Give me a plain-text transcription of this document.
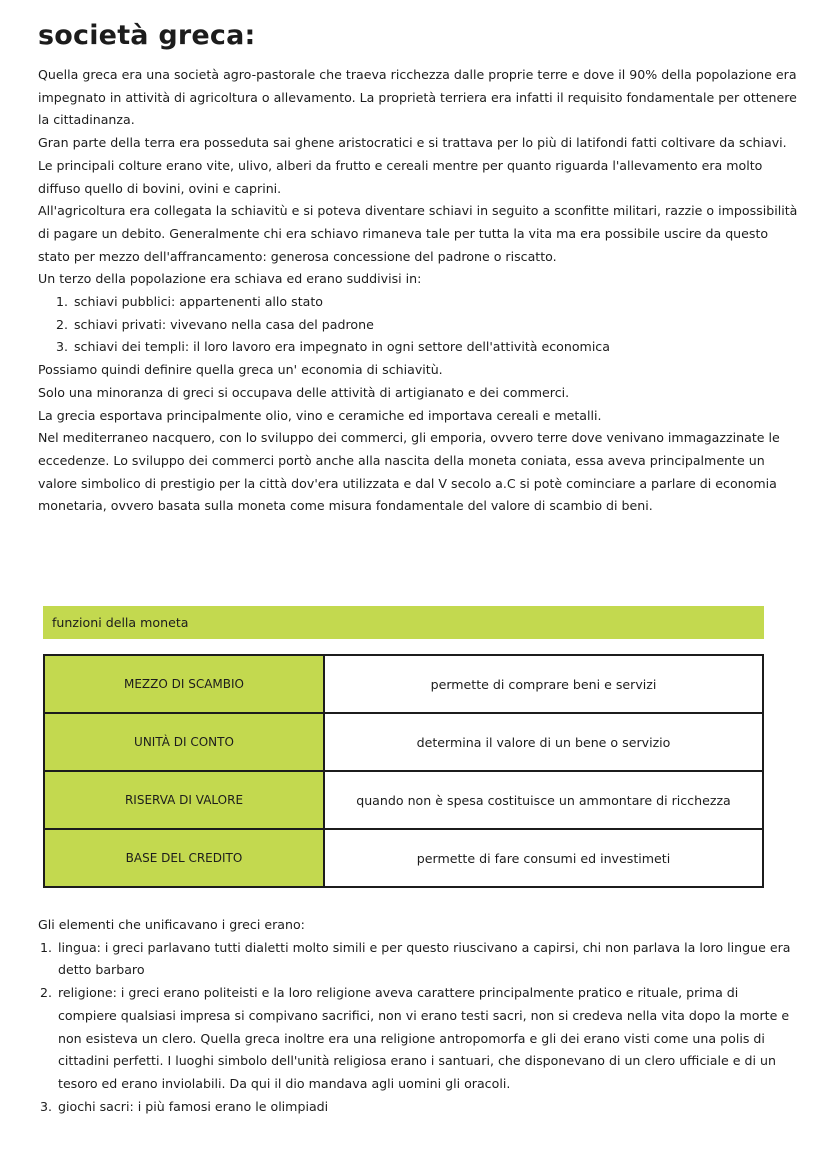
società greca:

Quella greca era una società agro-pastorale che traeva ricchezza dalle proprie terre e dove il 90% della popolazione era impegnato in attività di agricoltura o allevamento. La proprietà terriera era infatti il requisito fondamentale per ottenere la cittadinanza.

Gran parte della terra era posseduta sai ghene aristocratici e si trattava per lo più di latifondi fatti coltivare da schiavi.

Le principali colture erano vite, ulivo, alberi da frutto e cereali mentre per quanto riguarda l'allevamento era molto diffuso quello di bovini, ovini e caprini.

All'agricoltura era collegata la schiavitù e si poteva diventare schiavi in seguito a sconfitte militari, razzie o impossibilità di pagare un debito. Generalmente chi era schiavo rimaneva tale per tutta la vita ma era possibile uscire da questo stato per mezzo dell'affrancamento: generosa concessione del padrone o riscatto.

Un terzo della popolazione era schiava ed erano suddivisi in:

1. schiavi pubblici: appartenenti allo stato
2. schiavi privati: vivevano nella casa del padrone
3. schiavi dei templi: il loro lavoro era impegnato in ogni settore dell'attività economica

Possiamo quindi definire quella greca un' economia di schiavitù.

Solo una minoranza di greci si occupava delle attività di artigianato e dei commerci.

La grecia esportava principalmente olio, vino e ceramiche ed importava cereali e metalli.

Nel mediterraneo nacquero, con lo sviluppo dei commerci, gli emporia, ovvero terre dove venivano immagazzinate le eccedenze. Lo sviluppo dei commerci portò anche alla nascita della moneta coniata, essa aveva principalmente un valore simbolico di prestigio per la città dov'era utilizzata e dal V secolo a.C si potè cominciare a parlare di economia monetaria, ovvero basata sulla moneta come misura fondamentale del valore di scambio di beni.

funzioni della moneta
MEZZO DI SCAMBIO	permette di comprare beni e servizi
UNITÀ DI CONTO	determina il valore di un bene o servizio
RISERVA DI VALORE	quando non è spesa costituisce un ammontare di ricchezza
BASE DEL CREDITO	permette di fare consumi ed investimeti

Gli elementi che unificavano i greci erano:

1. lingua: i greci parlavano tutti dialetti molto simili e per questo riuscivano a capirsi, chi non parlava la loro lingue era detto barbaro
2. religione: i greci erano politeisti e la loro religione aveva carattere principalmente pratico e rituale, prima di compiere qualsiasi impresa si compivano sacrifici, non vi erano testi sacri, non si credeva nella vita dopo la morte e non esisteva un clero. Quella greca inoltre era una religione antropomorfa e gli dei erano visti come una polis di cittadini perfetti. I luoghi simbolo dell'unità religiosa erano i santuari, che disponevano di un clero ufficiale e di un tesoro ed erano inviolabili. Da qui il dio mandava agli uomini gli oracoli.
3. giochi sacri: i più famosi erano le olimpiadi
